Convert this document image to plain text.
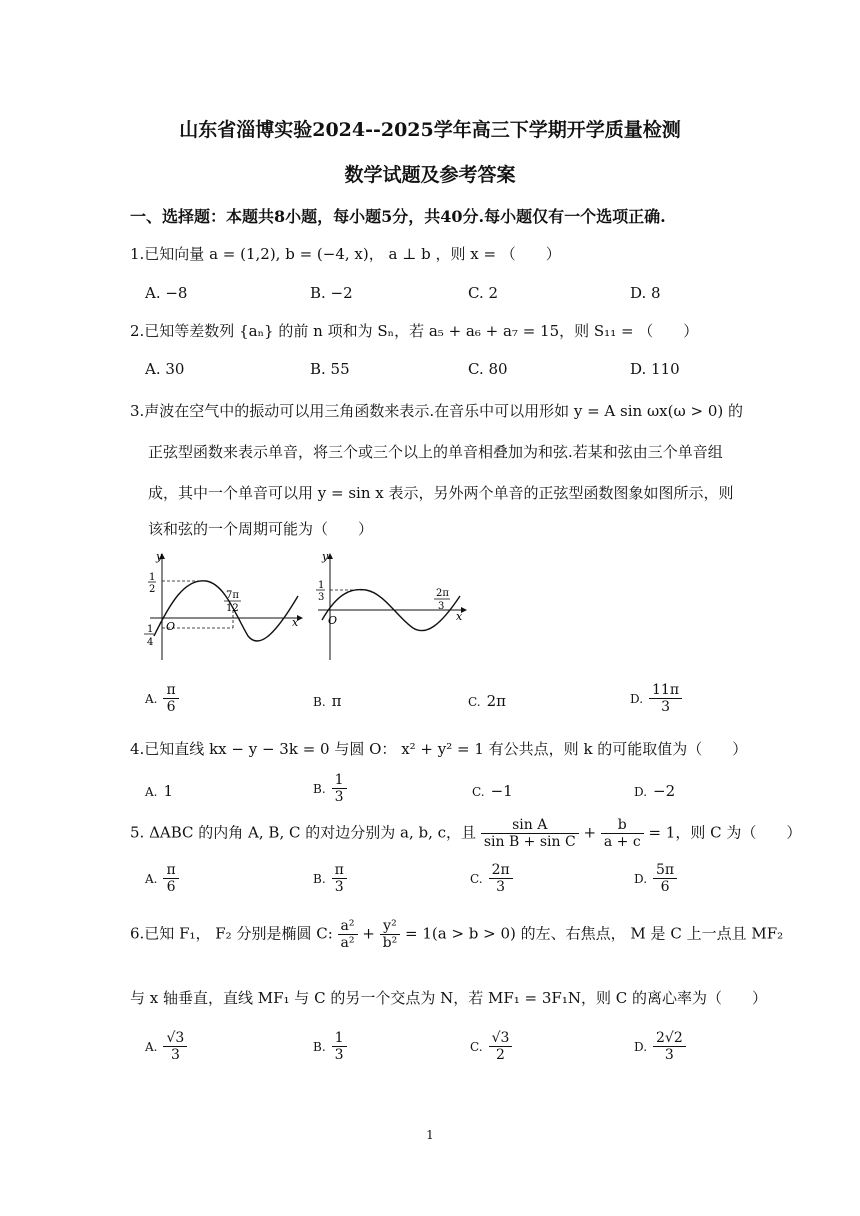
山东省淄博实验2024--2025学年高三下学期开学质量检测
数学试题及参考答案
一、选择题：本题共8小题，每小题5分，共40分.每小题仅有一个选项正确.
1.已知向量 a = (1,2), b = (−4, x)， a ⊥ b ，则 x = （　　）
A. −8	B. −2	C. 2	D. 8
2.已知等差数列 {aₙ} 的前 n 项和为 Sₙ，若 a₅ + a₆ + a₇ = 15，则 S₁₁ = （　　）
A. 30	B. 55	C. 80	D. 110
3.声波在空气中的振动可以用三角函数来表示.在音乐中可以用形如 y = A sin ωx(ω > 0) 的
正弦型函数来表示单音，将三个或三个以上的单音相叠加为和弦.若某和弦由三个单音组
成，其中一个单音可以用 y = sin x 表示，另外两个单音的正弦型函数图象如图所示，则
该和弦的一个周期可能为（　　）
y
x
O
1
2
1
4
7π
12
y
x
O
1
3	2π
3
A. $\frac{\pi}{6}$	B. π	C. 2π	D. $\frac{11\pi}{3}$
4.已知直线 kx − y − 3k = 0 与圆 O： x² + y² = 1 有公共点，则 k 的可能取值为（　　）
A. 1	B. $\frac{1}{3}$	C. −1	D. −2
5. ΔABC 的内角 A, B, C 的对边分别为 a, b, c，且 $\frac{\text{sin A}}{\text{sin B + sin C}} + \frac{b}{a + c} = 1$，则 C 为（　　）
A. $\frac{\pi}{6}$	B. $\frac{\pi}{3}$	C. $\frac{2\pi}{3}$	D. $\frac{5\pi}{6}$
6.已知 F₁， F₂ 分别是椭圆 C: $\frac{\text{a²}}{\text{a²}} + \frac{\text{y²}}{\text{b²}} = 1(a > b > 0)$ 的左、右焦点， M 是 C 上一点且 MF₂
与 x 轴垂直，直线 MF₁ 与 C 的另一个交点为 N，若 MF₁ = 3F₁N，则 C 的离心率为（　　）
A. $\frac{√3}{3}$	B. $\frac{1}{3}$	C. $\frac{√3}{2}$	D. $\frac{2√2}{3}$
1
